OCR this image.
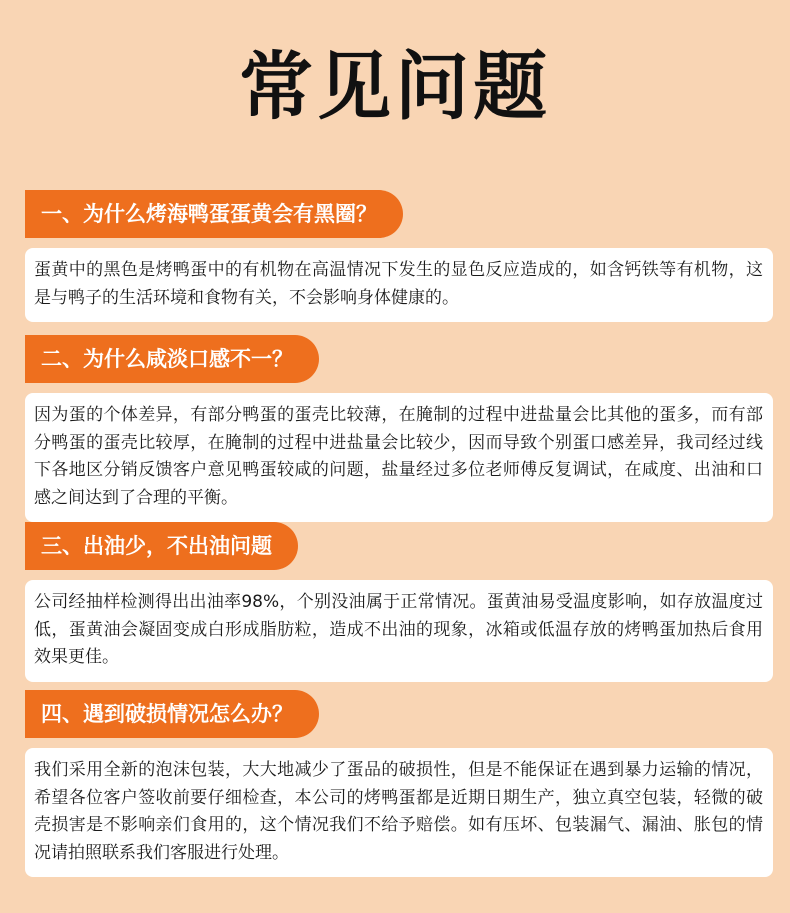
常见问题
一、为什么烤海鸭蛋蛋黄会有黑圈？
蛋黄中的黑色是烤鸭蛋中的有机物在高温情况下发生的显色反应造成的，如含钙铁等有机物，这是与鸭子的生活环境和食物有关，不会影响身体健康的。
二、为什么咸淡口感不一？
因为蛋的个体差异，有部分鸭蛋的蛋壳比较薄，在腌制的过程中进盐量会比其他的蛋多，而有部分鸭蛋的蛋壳比较厚，在腌制的过程中进盐量会比较少，因而导致个别蛋口感差异，我司经过线下各地区分销反馈客户意见鸭蛋较咸的问题，盐量经过多位老师傅反复调试，在咸度、出油和口感之间达到了合理的平衡。
三、出油少，不出油问题
公司经抽样检测得出出油率98%，个别没油属于正常情况。蛋黄油易受温度影响，如存放温度过低，蛋黄油会凝固变成白形成脂肪粒，造成不出油的现象，冰箱或低温存放的烤鸭蛋加热后食用效果更佳。
四、遇到破损情况怎么办？
我们采用全新的泡沫包装，大大地减少了蛋品的破损性，但是不能保证在遇到暴力运输的情况，希望各位客户签收前要仔细检查，本公司的烤鸭蛋都是近期日期生产，独立真空包装，轻微的破壳损害是不影响亲们食用的，这个情况我们不给予赔偿。如有压坏、包装漏气、漏油、胀包的情况请拍照联系我们客服进行处理。
